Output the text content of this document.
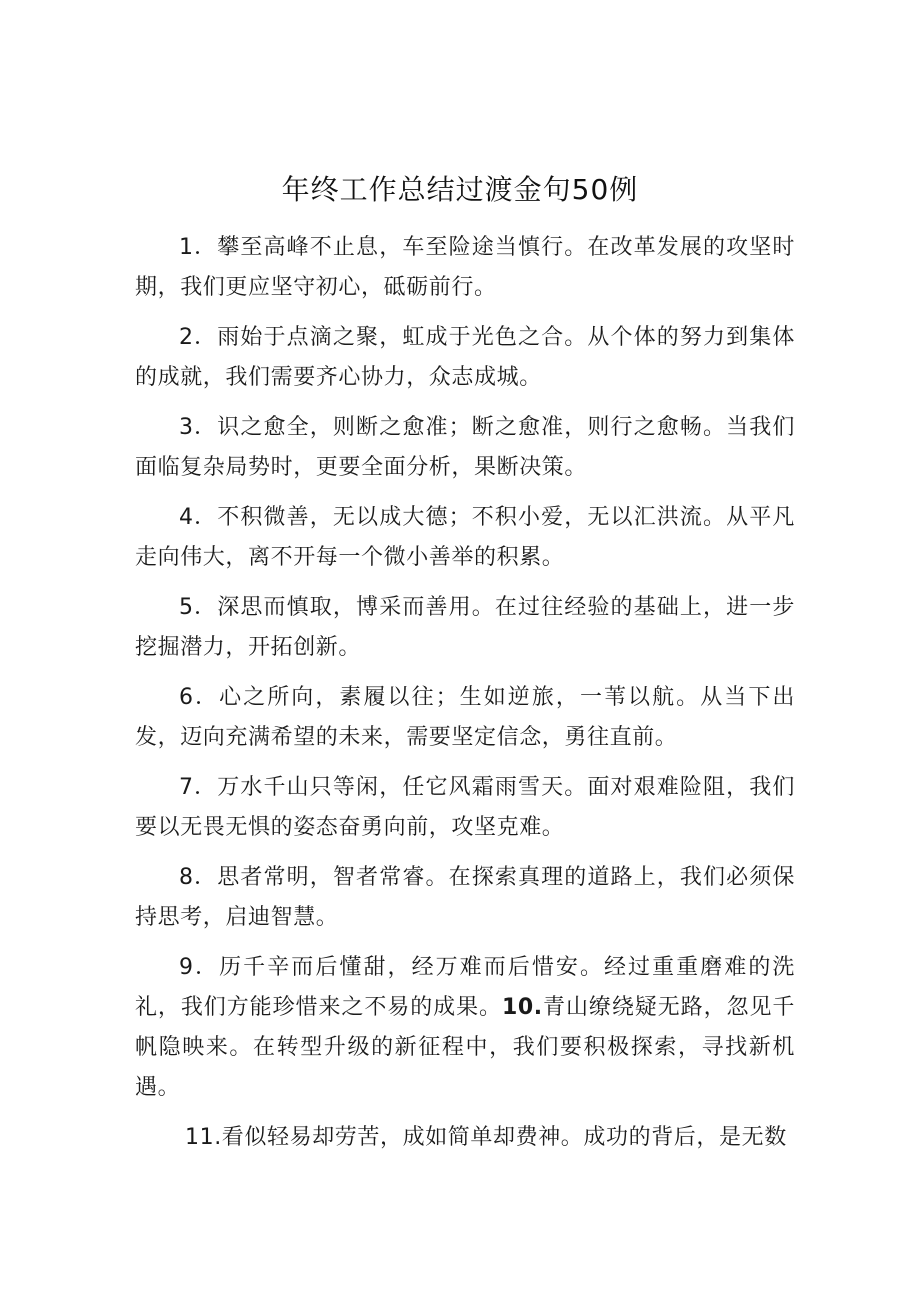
年终工作总结过渡金句50例

1．攀至高峰不止息，车至险途当慎行。在改革发展的攻坚时期，我们更应坚守初心，砥砺前行。

2．雨始于点滴之聚，虹成于光色之合。从个体的努力到集体的成就，我们需要齐心协力，众志成城。

3．识之愈全，则断之愈准；断之愈准，则行之愈畅。当我们面临复杂局势时，更要全面分析，果断决策。

4．不积微善，无以成大德；不积小爱，无以汇洪流。从平凡走向伟大，离不开每一个微小善举的积累。

5．深思而慎取，博采而善用。在过往经验的基础上，进一步挖掘潜力，开拓创新。

6．心之所向，素履以往；生如逆旅，一苇以航。从当下出发，迈向充满希望的未来，需要坚定信念，勇往直前。

7．万水千山只等闲，任它风霜雨雪天。面对艰难险阻，我们要以无畏无惧的姿态奋勇向前，攻坚克难。

8．思者常明，智者常睿。在探索真理的道路上，我们必须保持思考，启迪智慧。

9．历千辛而后懂甜，经万难而后惜安。经过重重磨难的洗礼，我们方能珍惜来之不易的成果。10.青山缭绕疑无路，忽见千帆隐映来。在转型升级的新征程中，我们要积极探索，寻找新机遇。

11.看似轻易却劳苦，成如简单却费神。成功的背后，是无数
